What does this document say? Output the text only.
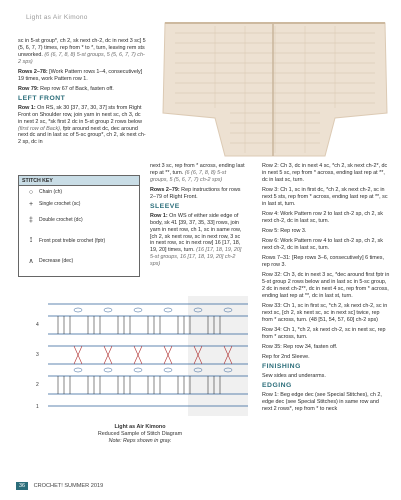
Light as Air Kimono

sc in 5-st group*, ch 2, sk next ch-2, dc in next 3 sc] 5 (5, 6, 7, 7) times, rep from * to *, turn, leaving rem sts unworked. (6 (6, 7, 8, 8) 5-st groups, 5 (5, 6, 7, 7) ch-2 sps)

Rows 2–78: [Work Pattern rows 1–4, consecutively] 19 times, work Pattern row 1.

Row 79: Rep row 67 of Back, fasten off.

LEFT FRONT

Row 1: On RS, sk 30 [37, 37, 30, 37] sts from Right Front on Shoulder row, join yarn in next sc, ch 3, dc in next 2 sc, *sk first 2 dc in 5-st group 2 rows below (first row of Back), fptr around next dc, dec around next dc and in last sc of 5-sc group*, ch 2, sk next ch-2 sp, dc in

STITCH KEY
○	Chain (ch)
+	Single crochet (sc)
‡	Double crochet (dc)
⟟	Front post treble crochet (fptr)
∧	Decrease (dec)
4
3
2
1
Light as Air Kimono
Reduced Sample of Stitch Diagram
Note: Reps shown in gray.

next 3 sc, rep from * across, ending last rep at **, turn. (6 (6, 7, 8, 8) 5-st groups, 5 (5, 6, 7, 7) ch-2 sps)

Rows 2–79: Rep instructions for rows 2–79 of Right Front.

SLEEVE

Row 1: On WS of either side edge of body, sk 41 [39, 37, 35, 33] rows, join yarn in next row, ch 1, sc in same row, [ch 2, sk next row, sc in next row, 3 sc in next row, sc in next row] 16 [17, 18, 19, 20] times, turn. (16 [17, 18, 19, 20] 5-st groups, 16 [17, 18, 19, 20] ch-2 sps)

Row 2: Ch 3, dc in next 4 sc, *ch 2, sk next ch-2*, dc in next 5 sc, rep from * across, ending last rep at **, dc in last sc, turn.

Row 3: Ch 1, sc in first dc, *ch 2, sk next ch-2, sc in next 5 sts, rep from * across, ending last rep at **, sc in last st, turn.

Row 4: Work Pattern row 2 to last ch-2 sp, ch 2, sk next ch-2, dc in last sc, turn.

Row 5: Rep row 3.

Row 6: Work Pattern row 4 to last ch-2 sp, ch 2, sk next ch-2, dc in last sc, turn.

Rows 7–31: [Rep rows 3–6, consecutively] 6 times, rep row 3.

Row 32: Ch 3, dc in next 3 sc, *dec around first fptr in 5-st group 2 rows below and in last sc in 5-sc group, 2 dc in next ch-2**, dc in next 4 sc, rep from * across, ending last rep at **, dc in last st, turn.

Row 33: Ch 1, sc in first sc, *ch 2, sk next ch-2, sc in next sc, [ch 2, sk next sc, sc in next sc] twice, rep from * across, turn. (48 [51, 54, 57, 60] ch-2 sps)

Row 34: Ch 1, *ch 2, sk next ch-2, sc in next sc, rep from * across, turn.

Row 35: Rep row 34, fasten off.

Rep for 2nd Sleeve.

FINISHING

Sew sides and underarms.

EDGING

Row 1: Beg edge dec (see Special Stitches), ch 2, edge dec (see Special Stitches) in same row and next 2 rows*, rep from * to neck

36 CROCHET! SUMMER 2019
